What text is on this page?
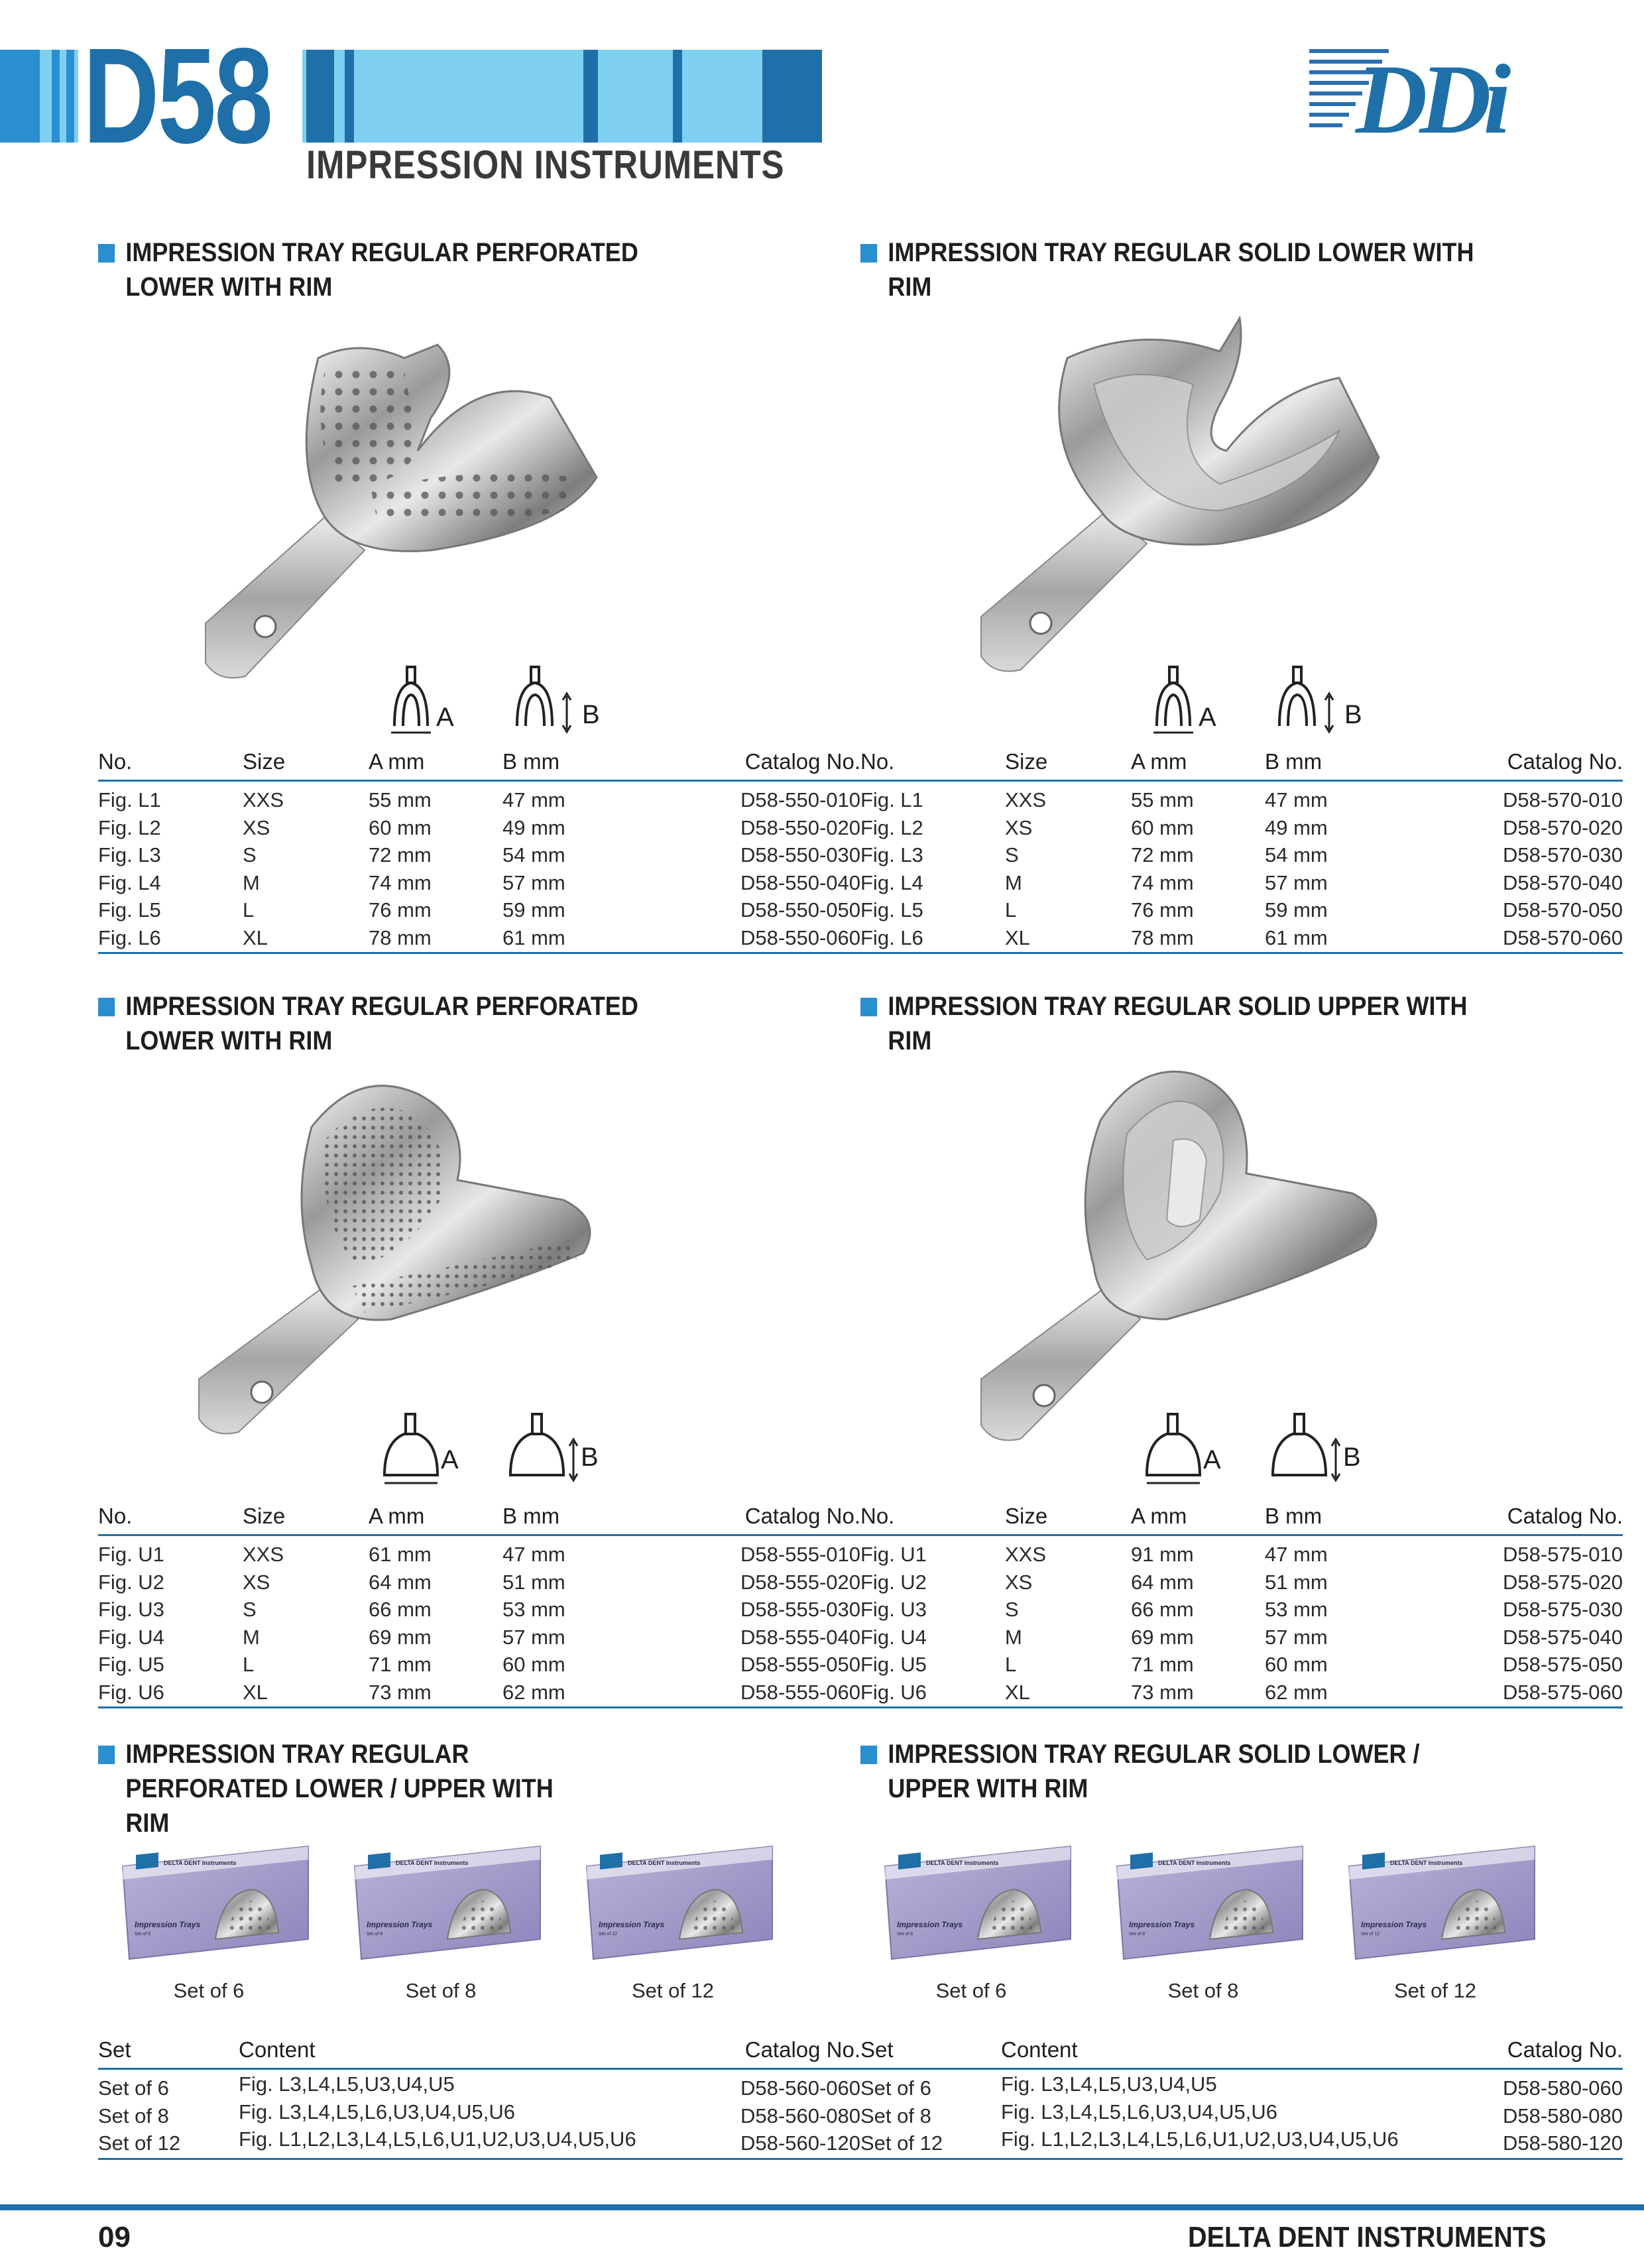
D58 IMPRESSION INSTRUMENTS
DDi
IMPRESSION TRAY REGULAR PERFORATED LOWER WITH RIM
IMPRESSION TRAY REGULAR SOLID LOWER WITH RIM
IMPRESSION TRAY REGULAR PERFORATED LOWER WITH RIM
IMPRESSION TRAY REGULAR SOLID UPPER WITH RIM
IMPRESSION TRAY REGULAR PERFORATED LOWER / UPPER WITH RIM
IMPRESSION TRAY REGULAR SOLID LOWER / UPPER WITH RIM
A	B	A	B
A	B	A	B
No.	Size	A mm	B mm	Catalog No.
Fig. L1	XXS	55 mm	47 mm	D58-550-010
Fig. L2	XS	60 mm	49 mm	D58-550-020
Fig. L3	S	72 mm	54 mm	D58-550-030
Fig. L4	M	74 mm	57 mm	D58-550-040
Fig. L5	L	76 mm	59 mm	D58-550-050
Fig. L6	XL	78 mm	61 mm	D58-550-060
No.	Size	A mm	B mm	Catalog No.
Fig. L1	XXS	55 mm	47 mm	D58-570-010
Fig. L2	XS	60 mm	49 mm	D58-570-020
Fig. L3	S	72 mm	54 mm	D58-570-030
Fig. L4	M	74 mm	57 mm	D58-570-040
Fig. L5	L	76 mm	59 mm	D58-570-050
Fig. L6	XL	78 mm	61 mm	D58-570-060
No.	Size	A mm	B mm	Catalog No.
Fig. U1	XXS	61 mm	47 mm	D58-555-010
Fig. U2	XS	64 mm	51 mm	D58-555-020
Fig. U3	S	66 mm	53 mm	D58-555-030
Fig. U4	M	69 mm	57 mm	D58-555-040
Fig. U5	L	71 mm	60 mm	D58-555-050
Fig. U6	XL	73 mm	62 mm	D58-555-060
No.	Size	A mm	B mm	Catalog No.
Fig. U1	XXS	91 mm	47 mm	D58-575-010
Fig. U2	XS	64 mm	51 mm	D58-575-020
Fig. U3	S	66 mm	53 mm	D58-575-030
Fig. U4	M	69 mm	57 mm	D58-575-040
Fig. U5	L	71 mm	60 mm	D58-575-050
Fig. U6	XL	73 mm	62 mm	D58-575-060
DELTA DENT Instruments
Impression Trays
Set of 6
DELTA DENT Instruments
Impression Trays
Set of 8
DELTA DENT Instruments
Impression Trays
Set of 12
Set of 6	Set of 8	Set of 12
DELTA DENT Instruments
Impression Trays
Set of 6
DELTA DENT Instruments
Impression Trays
Set of 8
DELTA DENT Instruments
Impression Trays
Set of 12
Set of 6	Set of 8	Set of 12
Set	Content	Catalog No.
Set of 6	Fig. L3,L4,L5,U3,U4,U5	D58-560-060
Set of 8	Fig. L3,L4,L5,L6,U3,U4,U5,U6	D58-560-080
Set of 12	Fig. L1,L2,L3,L4,L5,L6,U1,U2,U3,U4,U5,U6	D58-560-120
Set	Content	Catalog No.
Set of 6	Fig. L3,L4,L5,U3,U4,U5	D58-580-060
Set of 8	Fig. L3,L4,L5,L6,U3,U4,U5,U6	D58-580-080
Set of 12	Fig. L1,L2,L3,L4,L5,L6,U1,U2,U3,U4,U5,U6	D58-580-120
09	DELTA DENT INSTRUMENTS
